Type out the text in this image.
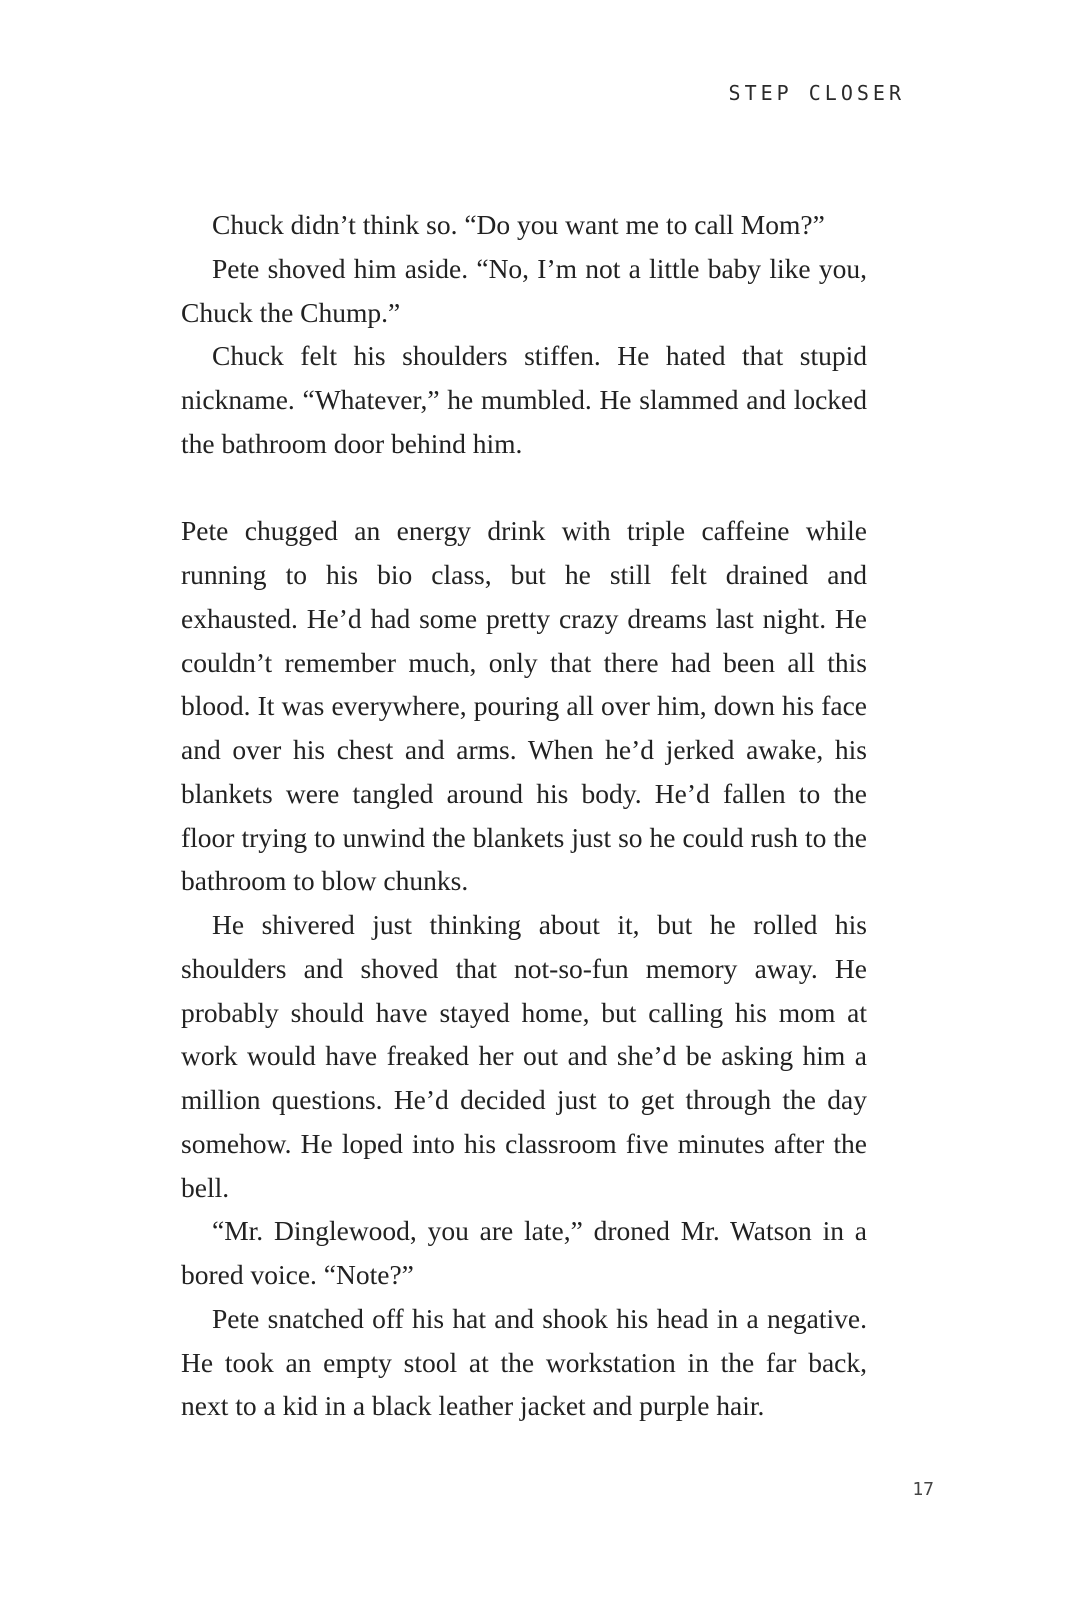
STEP CLOSER

Chuck didn’t think so. “Do you want me to call Mom?”

Pete shoved him aside. “No, I’m not a little baby like you, Chuck the Chump.”

Chuck felt his shoulders stiffen. He hated that stupid nickname. “Whatever,” he mumbled. He slammed and locked the bathroom door behind him.

Pete chugged an energy drink with triple caffeine while running to his bio class, but he still felt drained and exhausted. He’d had some pretty crazy dreams last night. He couldn’t remember much, only that there had been all this blood. It was everywhere, pouring all over him, down his face and over his chest and arms. When he’d jerked awake, his blankets were tangled around his body. He’d fallen to the floor trying to unwind the blankets just so he could rush to the bathroom to blow chunks.

He shivered just thinking about it, but he rolled his shoulders and shoved that not-so-fun memory away. He probably should have stayed home, but calling his mom at work would have freaked her out and she’d be asking him a million questions. He’d decided just to get through the day somehow. He loped into his classroom five minutes after the bell.

“Mr. Dinglewood, you are late,” droned Mr. Watson in a bored voice. “Note?”

Pete snatched off his hat and shook his head in a negative. He took an empty stool at the workstation in the far back, next to a kid in a black leather jacket and purple hair.

17
